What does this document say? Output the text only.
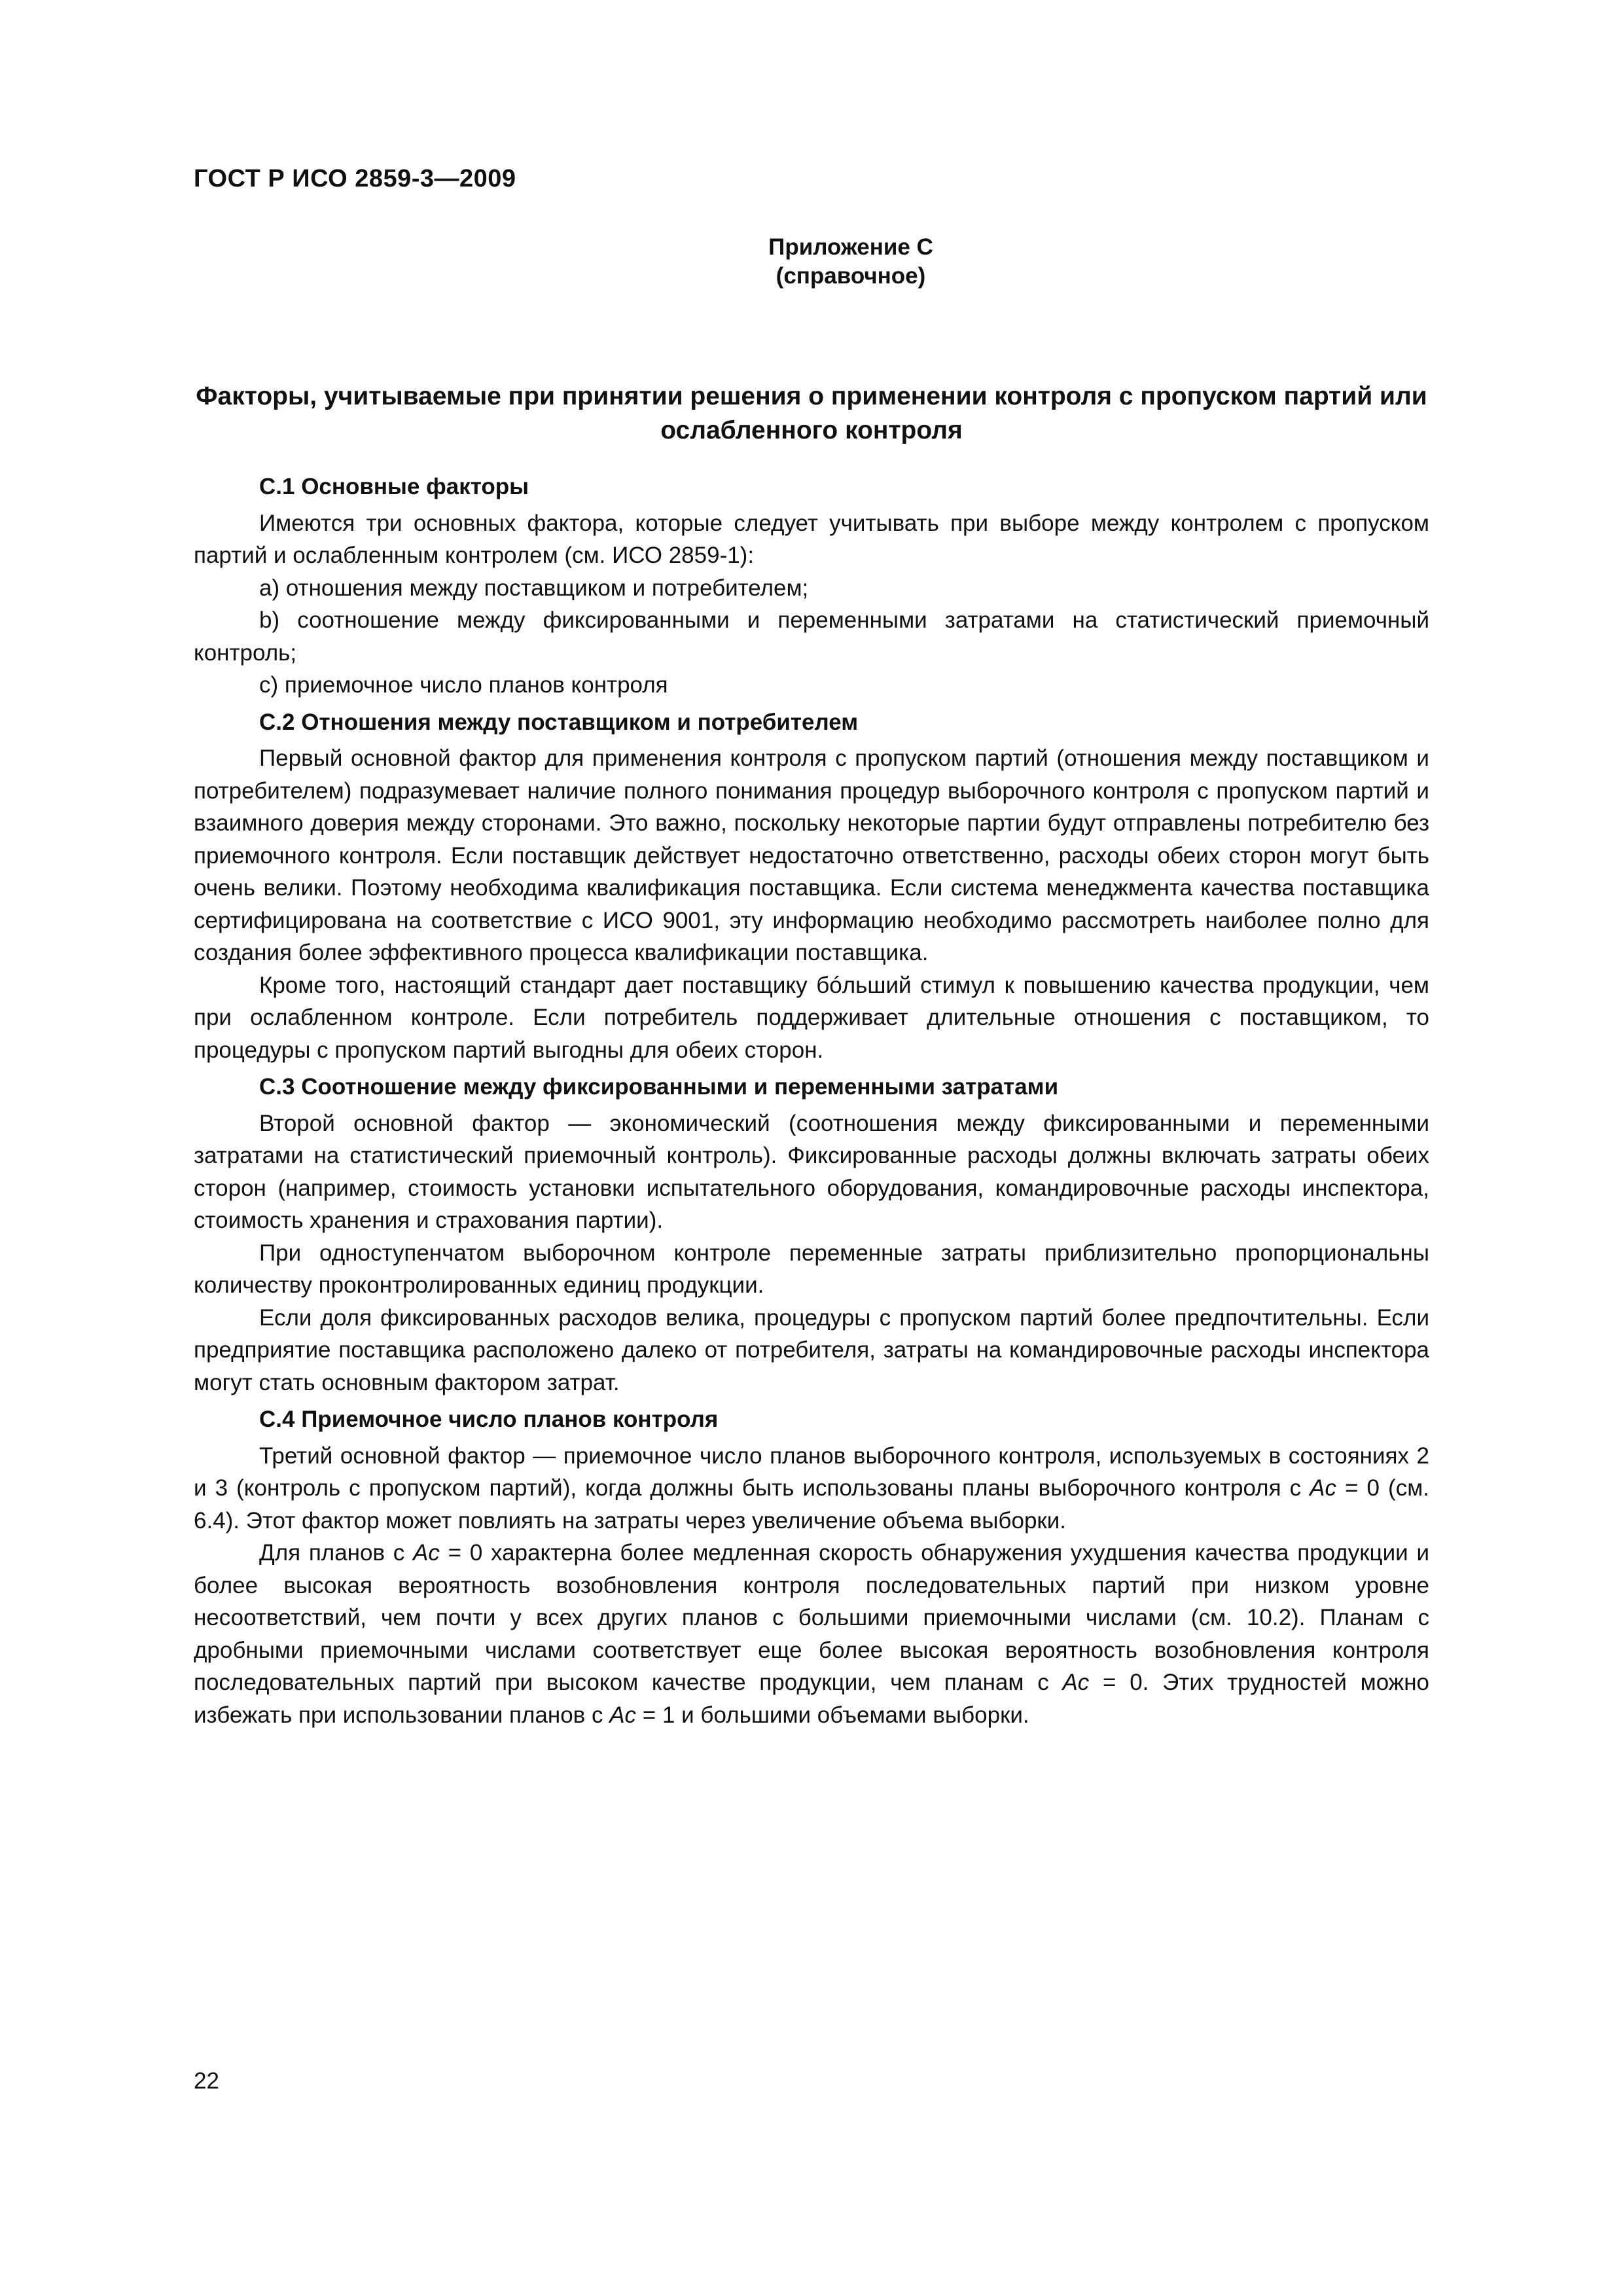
ГОСТ Р ИСО 2859-3—2009
Приложение С
(справочное)
Факторы, учитываемые при принятии решения о применении контроля с пропуском партий или ослабленного контроля
С.1 Основные факторы

Имеются три основных фактора, которые следует учитывать при выборе между контролем с пропуском партий и ослабленным контролем (см. ИСО 2859-1):

а) отношения между поставщиком и потребителем;

b) соотношение между фиксированными и переменными затратами на статистический приемочный контроль;

с) приемочное число планов контроля

С.2 Отношения между поставщиком и потребителем

Первый основной фактор для применения контроля с пропуском партий (отношения между поставщиком и потребителем) подразумевает наличие полного понимания процедур выборочного контроля с пропуском партий и взаимного доверия между сторонами. Это важно, поскольку некоторые партии будут отправлены потребителю без приемочного контроля. Если поставщик действует недостаточно ответственно, расходы обеих сторон могут быть очень велики. Поэтому необходима квалификация поставщика. Если система менеджмента качества поставщика сертифицирована на соответствие с ИСО 9001, эту информацию необходимо рассмотреть наиболее полно для создания более эффективного процесса квалификации поставщика.

Кроме того, настоящий стандарт дает поставщику бóльший стимул к повышению качества продукции, чем при ослабленном контроле. Если потребитель поддерживает длительные отношения с поставщиком, то процедуры с пропуском партий выгодны для обеих сторон.

С.3 Соотношение между фиксированными и переменными затратами

Второй основной фактор — экономический (соотношения между фиксированными и переменными затратами на статистический приемочный контроль). Фиксированные расходы должны включать затраты обеих сторон (например, стоимость установки испытательного оборудования, командировочные расходы инспектора, стоимость хранения и страхования партии).

При одноступенчатом выборочном контроле переменные затраты приблизительно пропорциональны количеству проконтролированных единиц продукции.

Если доля фиксированных расходов велика, процедуры с пропуском партий более предпочтительны. Если предприятие поставщика расположено далеко от потребителя, затраты на командировочные расходы инспектора могут стать основным фактором затрат.

С.4 Приемочное число планов контроля

Третий основной фактор — приемочное число планов выборочного контроля, используемых в состояниях 2 и 3 (контроль с пропуском партий), когда должны быть использованы планы выборочного контроля с Ac = 0 (см. 6.4). Этот фактор может повлиять на затраты через увеличение объема выборки.

Для планов с Ac = 0 характерна более медленная скорость обнаружения ухудшения качества продукции и более высокая вероятность возобновления контроля последовательных партий при низком уровне несоответствий, чем почти у всех других планов с большими приемочными числами (см. 10.2). Планам с дробными приемочными числами соответствует еще более высокая вероятность возобновления контроля последовательных партий при высоком качестве продукции, чем планам с Ac = 0. Этих трудностей можно избежать при использовании планов с Ac = 1 и большими объемами выборки.

22
